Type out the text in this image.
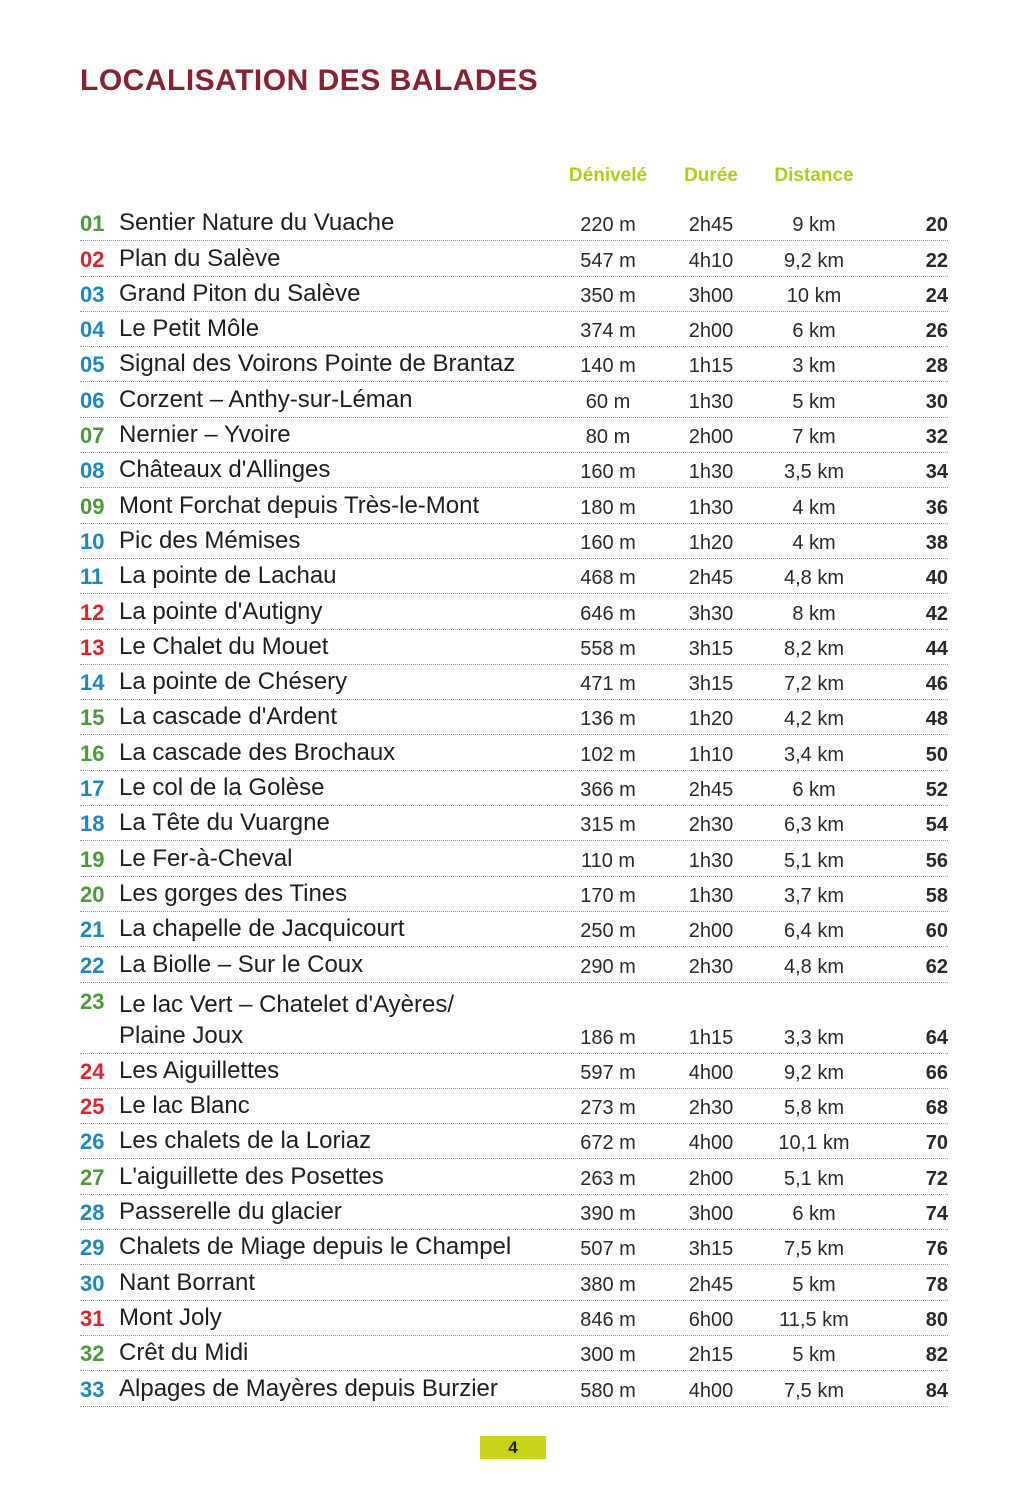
LOCALISATION DES BALADES
Dénivelé	Durée	Distance
01 Sentier Nature du Vuache	220 m	2h45	9 km	20
02 Plan du Salève	547 m	4h10	9,2 km	22
03 Grand Piton du Salève	350 m	3h00	10 km	24
04 Le Petit Môle	374 m	2h00	6 km	26
05 Signal des Voirons Pointe de Brantaz	140 m	1h15	3 km	28
06 Corzent – Anthy-sur-Léman	60 m	1h30	5 km	30
07 Nernier – Yvoire	80 m	2h00	7 km	32
08 Châteaux d'Allinges	160 m	1h30	3,5 km	34
09 Mont Forchat depuis Très-le-Mont	180 m	1h30	4 km	36
10 Pic des Mémises	160 m	1h20	4 km	38
11 La pointe de Lachau	468 m	2h45	4,8 km	40
12 La pointe d'Autigny	646 m	3h30	8 km	42
13 Le Chalet du Mouet	558 m	3h15	8,2 km	44
14 La pointe de Chésery	471 m	3h15	7,2 km	46
15 La cascade d'Ardent	136 m	1h20	4,2 km	48
16 La cascade des Brochaux	102 m	1h10	3,4 km	50
17 Le col de la Golèse	366 m	2h45	6 km	52
18 La Tête du Vuargne	315 m	2h30	6,3 km	54
19 Le Fer-à-Cheval	110 m	1h30	5,1 km	56
20 Les gorges des Tines	170 m	1h30	3,7 km	58
21 La chapelle de Jacquicourt	250 m	2h00	6,4 km	60
22 La Biolle – Sur le Coux	290 m	2h30	4,8 km	62
23 Le lac Vert – Chatelet d'Ayères/
Plaine Joux	186 m	1h15	3,3 km	64
24 Les Aiguillettes	597 m	4h00	9,2 km	66
25 Le lac Blanc	273 m	2h30	5,8 km	68
26 Les chalets de la Loriaz	672 m	4h00	10,1 km	70
27 L'aiguillette des Posettes	263 m	2h00	5,1 km	72
28 Passerelle du glacier	390 m	3h00	6 km	74
29 Chalets de Miage depuis le Champel	507 m	3h15	7,5 km	76
30 Nant Borrant	380 m	2h45	5 km	78
31 Mont Joly	846 m	6h00	11,5 km	80
32 Crêt du Midi	300 m	2h15	5 km	82
33 Alpages de Mayères depuis Burzier	580 m	4h00	7,5 km	84
4
